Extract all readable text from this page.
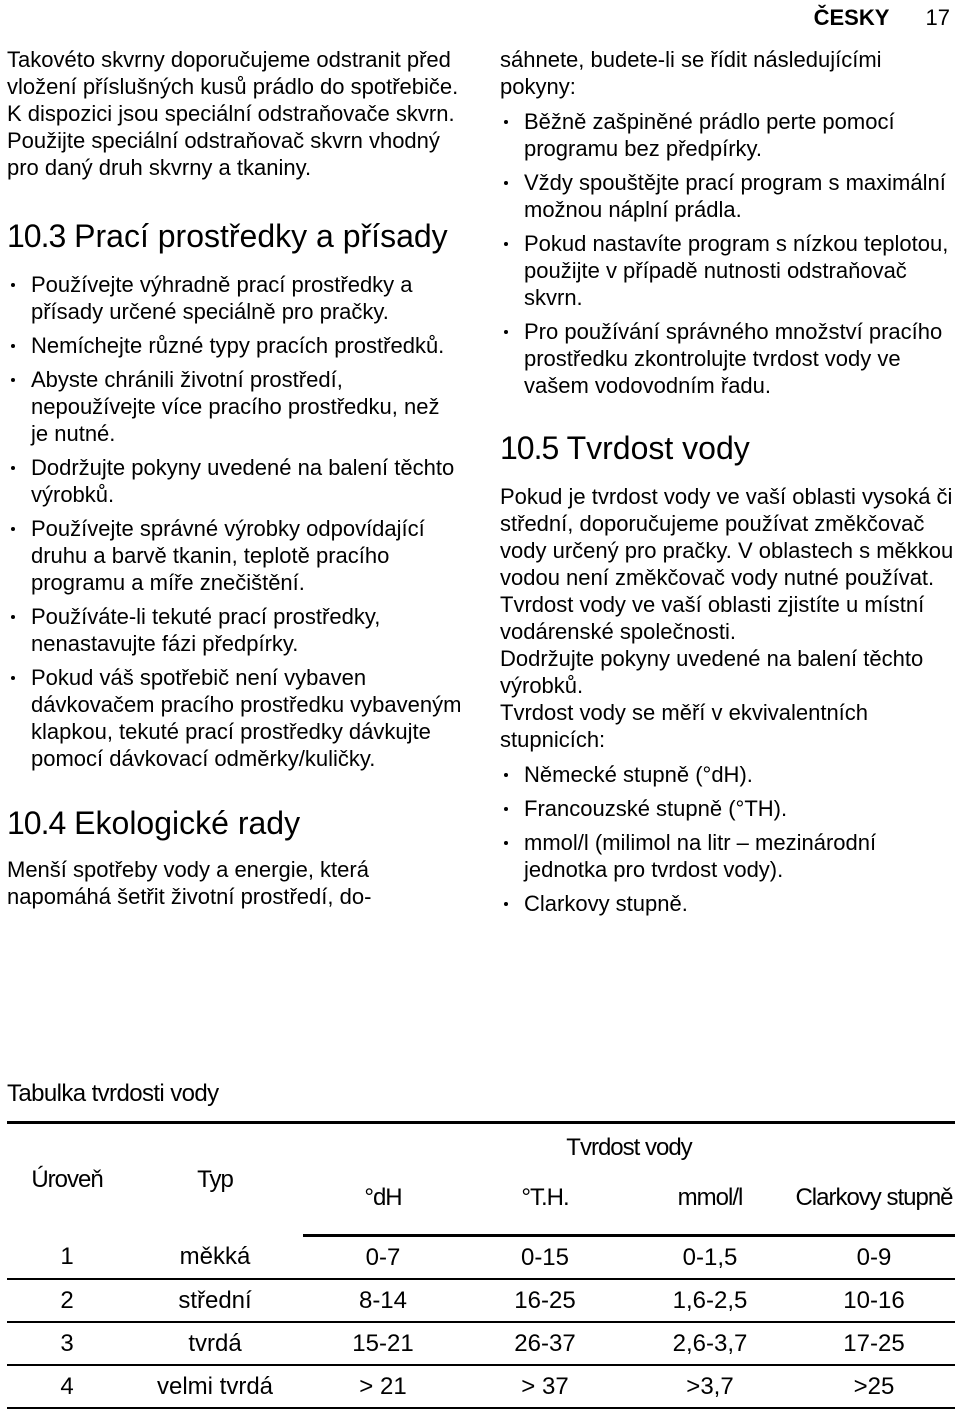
ČESKY 17

Takovéto skvrny doporučujeme odstranit před vložení příslušných kusů prádlo do spotřebiče.

K dispozici jsou speciální odstraňovače skvrn. Použijte speciální odstraňovač skvrn vhodný pro daný druh skvrny a tkaniny.

10.3 Prací prostředky a přísady
Používejte výhradně prací prostředky a přísady určené speciálně pro pračky.
Nemíchejte různé typy pracích prostředků.
Abyste chránili životní prostředí, nepoužívejte více pracího prostředku, než je nutné.
Dodržujte pokyny uvedené na balení těchto výrobků.
Používejte správné výrobky odpovídající druhu a barvě tkanin, teplotě pracího programu a míře znečištění.
Používáte-li tekuté prací prostředky, nenastavujte fázi předpírky.
Pokud váš spotřebič není vybaven dávkovačem pracího prostředku vybaveným klapkou, tekuté prací prostředky dávkujte pomocí dávkovací odměrky/kuličky.
10.4 Ekologické rady

Menší spotřeby vody a energie, která napomáhá šetřit životní prostředí, do-

sáhnete, budete-li se řídit následujícími pokyny:

Běžně zašpiněné prádlo perte pomocí programu bez předpírky.
Vždy spouštějte prací program s maximální možnou náplní prádla.
Pokud nastavíte program s nízkou teplotou, použijte v případě nutnosti odstraňovač skvrn.
Pro používání správného množství pracího prostředku zkontrolujte tvrdost vody ve vašem vodovodním řadu.
10.5 Tvrdost vody

Pokud je tvrdost vody ve vaší oblasti vysoká či střední, doporučujeme používat změkčovač vody určený pro pračky. V oblastech s měkkou vodou není změkčovač vody nutné používat.

Tvrdost vody ve vaší oblasti zjistíte u místní vodárenské společnosti.

Dodržujte pokyny uvedené na balení těchto výrobků.

Tvrdost vody se měří v ekvivalentních stupnicích:

Německé stupně (°dH).
Francouzské stupně (°TH).
mmol/l (milimol na litr – mezinárodní jednotka pro tvrdost vody).
Clarkovy stupně.
Tabulka tvrdosti vody
Úroveň	Typ	Tvrdost vody			
		°dH	°T.H.	mmol/l	Clarkovy stupně
1	měkká	0-7	0-15	0-1,5	0-9
2	střední	8-14	16-25	1,6-2,5	10-16
3	tvrdá	15-21	26-37	2,6-3,7	17-25
4	velmi tvrdá	> 21	> 37	>3,7	>25
